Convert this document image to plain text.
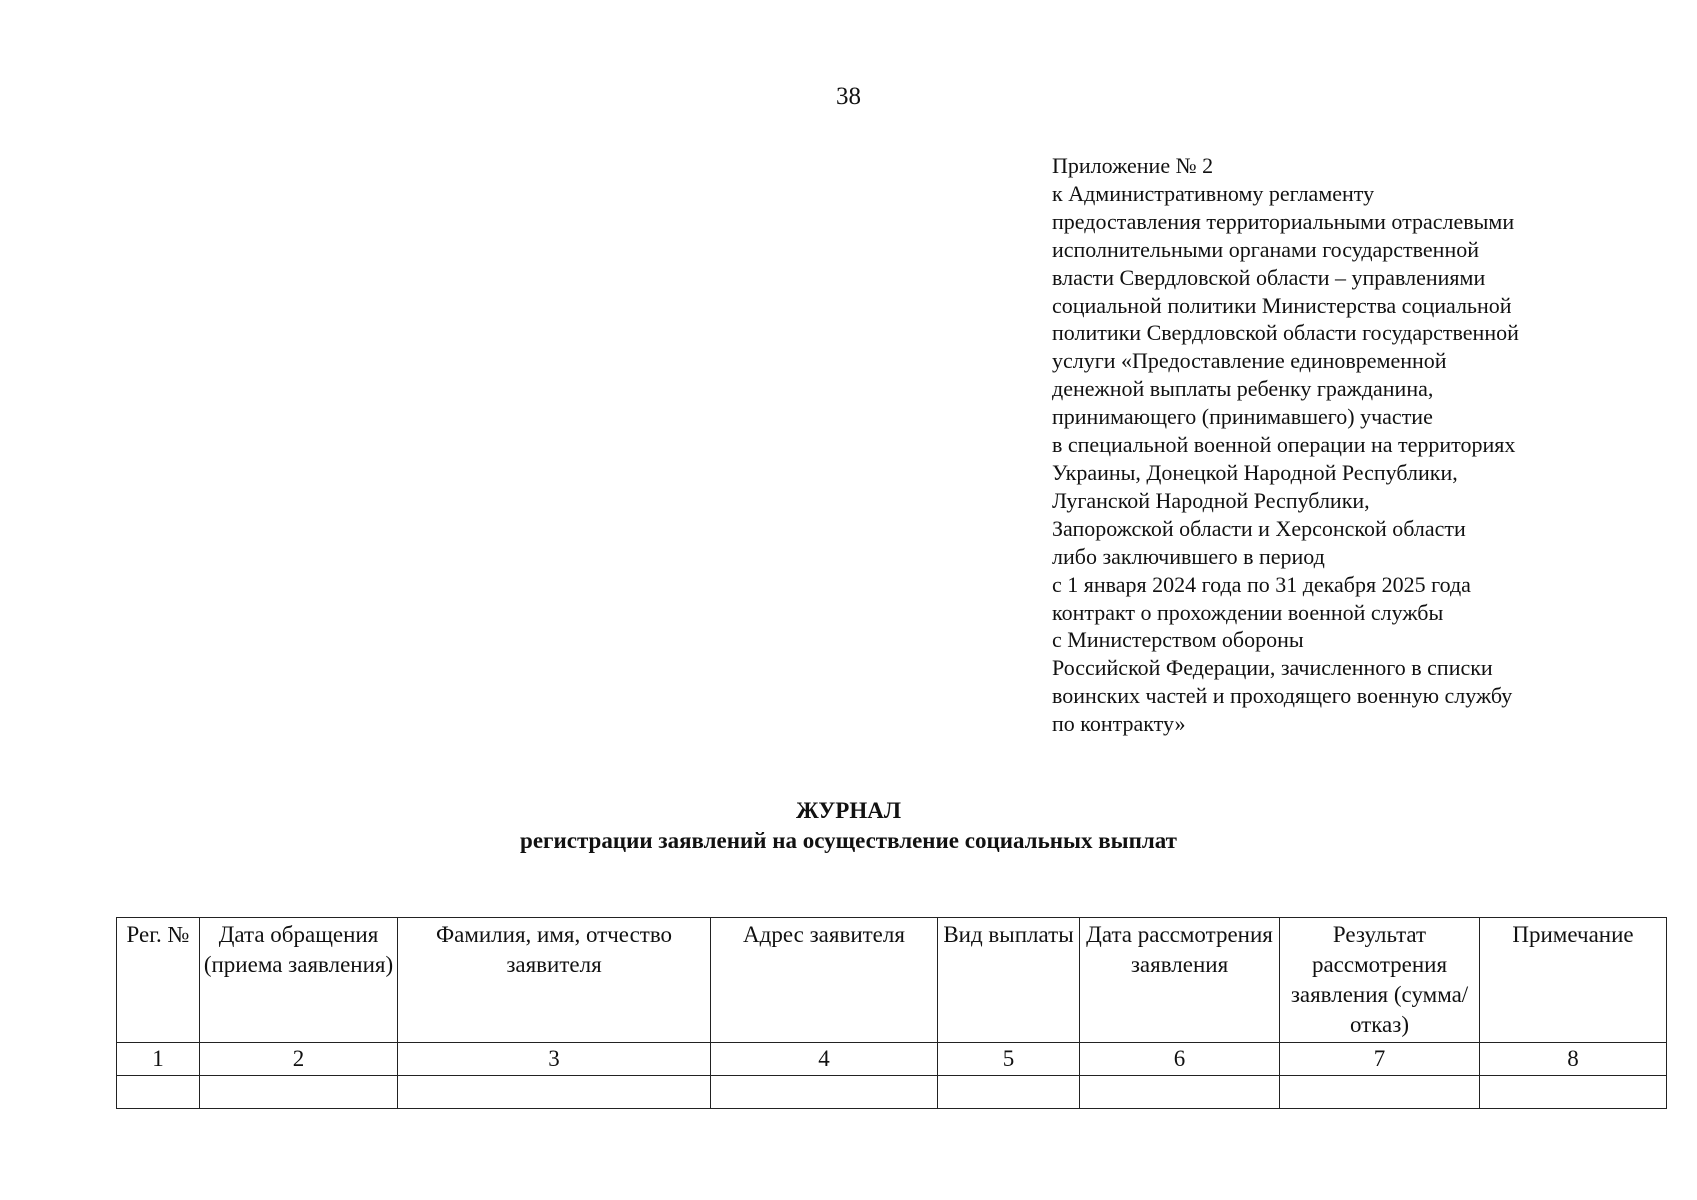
38
Приложение № 2
к Административному регламенту
предоставления территориальными отраслевыми
исполнительными органами государственной
власти Свердловской области – управлениями
социальной политики Министерства социальной
политики Свердловской области государственной
услуги «Предоставление единовременной
денежной выплаты ребенку гражданина,
принимающего (принимавшего) участие
в специальной военной операции на территориях
Украины, Донецкой Народной Республики,
Луганской Народной Республики,
Запорожской области и Херсонской области
либо заключившего в период
с 1 января 2024 года по 31 декабря 2025 года
контракт о прохождении военной службы
с Министерством обороны
Российской Федерации, зачисленного в списки
воинских частей и проходящего военную службу
по контракту»
ЖУРНАЛ
регистрации заявлений на осуществление социальных выплат
Рег. №	Дата обращения (приема заявления)	Фамилия, имя, отчество заявителя	Адрес заявителя	Вид выплаты	Дата рассмотрения заявления	Результат рассмотрения заявления (сумма/отказ)	Примечание
1	2	3	4	5	6	7	8
